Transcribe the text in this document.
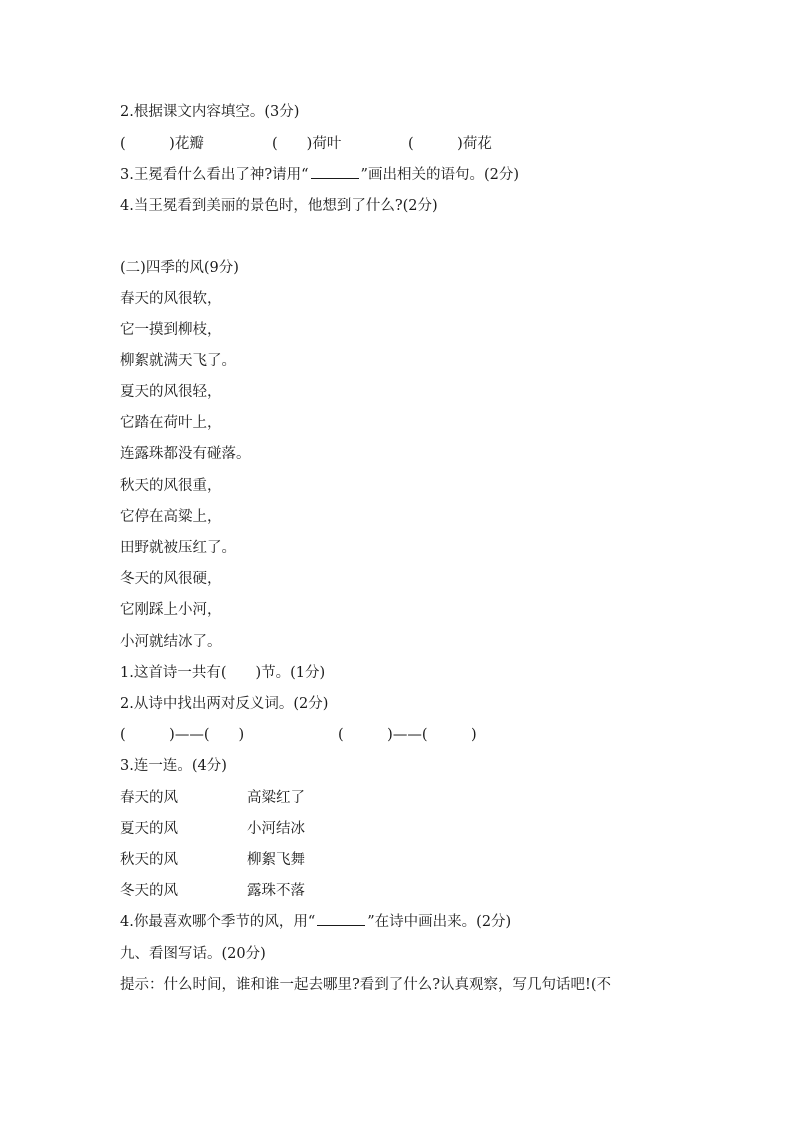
2.根据课文内容填空。(3分)
(　　　)花瓣	(　　)荷叶	(　　　)荷花
3.王冕看什么看出了神?请用“	”画出相关的语句。(2分)
4.当王冕看到美丽的景色时，他想到了什么?(2分)
(二)四季的风(9分)
春天的风很软，
它一摸到柳枝，
柳絮就满天飞了。
夏天的风很轻，
它踏在荷叶上，
连露珠都没有碰落。
秋天的风很重，
它停在高粱上，
田野就被压红了。
冬天的风很硬，
它刚踩上小河，
小河就结冰了。
1.这首诗一共有(　　)节。(1分)
2.从诗中找出两对反义词。(2分)
(　　　)——(　　)	(　　　)——(　　　)
3.连一连。(4分)
春天的风	高粱红了
夏天的风	小河结冰
秋天的风	柳絮飞舞
冬天的风	露珠不落
4.你最喜欢哪个季节的风，用“	”在诗中画出来。(2分)
九、看图写话。(20分)
提示：什么时间，谁和谁一起去哪里?看到了什么?认真观察，写几句话吧!(不
